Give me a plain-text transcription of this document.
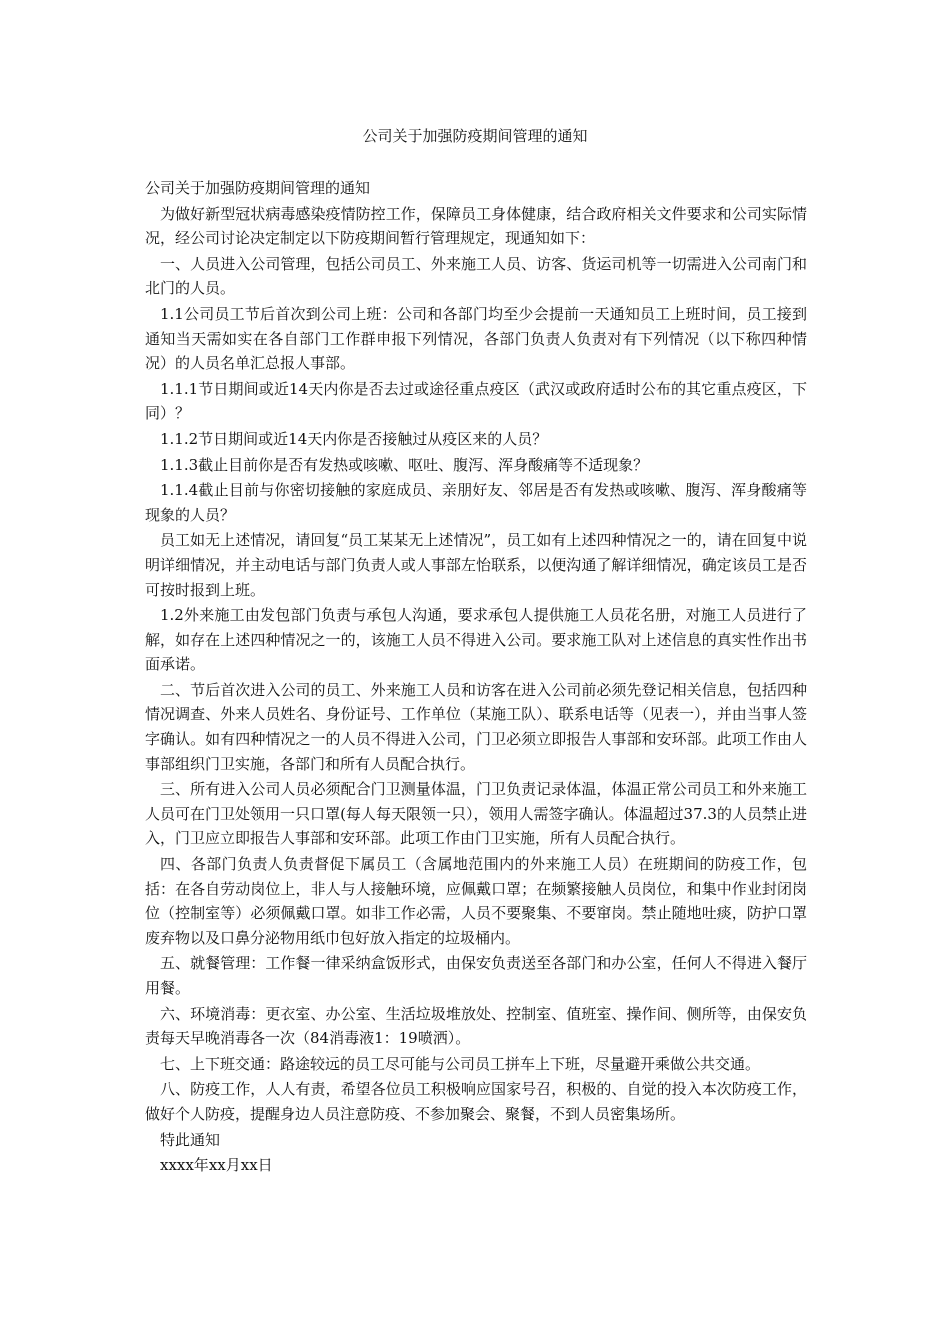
公司关于加强防疫期间管理的通知

公司关于加强防疫期间管理的通知

为做好新型冠状病毒感染疫情防控工作，保障员工身体健康，结合政府相关文件要求和公司实际情况，经公司讨论决定制定以下防疫期间暂行管理规定，现通知如下：

一、人员进入公司管理，包括公司员工、外来施工人员、访客、货运司机等一切需进入公司南门和北门的人员。

1.1公司员工节后首次到公司上班：公司和各部门均至少会提前一天通知员工上班时间，员工接到通知当天需如实在各自部门工作群申报下列情况，各部门负责人负责对有下列情况（以下称四种情况）的人员名单汇总报人事部。

1.1.1节日期间或近14天内你是否去过或途径重点疫区（武汉或政府适时公布的其它重点疫区，下同）？

1.1.2节日期间或近14天内你是否接触过从疫区来的人员？

1.1.3截止目前你是否有发热或咳嗽、呕吐、腹泻、浑身酸痛等不适现象？

1.1.4截止目前与你密切接触的家庭成员、亲朋好友、邻居是否有发热或咳嗽、腹泻、浑身酸痛等现象的人员？

员工如无上述情况，请回复“员工某某无上述情况”，员工如有上述四种情况之一的，请在回复中说明详细情况，并主动电话与部门负责人或人事部左怡联系，以便沟通了解详细情况，确定该员工是否可按时报到上班。

1.2外来施工由发包部门负责与承包人沟通，要求承包人提供施工人员花名册，对施工人员进行了解，如存在上述四种情况之一的，该施工人员不得进入公司。要求施工队对上述信息的真实性作出书面承诺。

二、节后首次进入公司的员工、外来施工人员和访客在进入公司前必须先登记相关信息，包括四种情况调查、外来人员姓名、身份证号、工作单位（某施工队）、联系电话等（见表一），并由当事人签字确认。如有四种情况之一的人员不得进入公司，门卫必须立即报告人事部和安环部。此项工作由人事部组织门卫实施，各部门和所有人员配合执行。

三、所有进入公司人员必须配合门卫测量体温，门卫负责记录体温，体温正常公司员工和外来施工人员可在门卫处领用一只口罩(每人每天限领一只），领用人需签字确认。体温超过37.3的人员禁止进入，门卫应立即报告人事部和安环部。此项工作由门卫实施，所有人员配合执行。

四、各部门负责人负责督促下属员工（含属地范围内的外来施工人员）在班期间的防疫工作，包括：在各自劳动岗位上，非人与人接触环境，应佩戴口罩；在频繁接触人员岗位，和集中作业封闭岗位（控制室等）必须佩戴口罩。如非工作必需，人员不要聚集、不要窜岗。禁止随地吐痰，防护口罩废弃物以及口鼻分泌物用纸巾包好放入指定的垃圾桶内。

五、就餐管理：工作餐一律采纳盒饭形式，由保安负责送至各部门和办公室，任何人不得进入餐厅用餐。

六、环境消毒：更衣室、办公室、生活垃圾堆放处、控制室、值班室、操作间、侧所等，由保安负责每天早晚消毒各一次（84消毒液1：19喷洒）。

七、上下班交通：路途较远的员工尽可能与公司员工拼车上下班，尽量避开乘做公共交通。

八、防疫工作，人人有责，希望各位员工积极响应国家号召，积极的、自觉的投入本次防疫工作，做好个人防疫，提醒身边人员注意防疫、不参加聚会、聚餐，不到人员密集场所。

特此通知

xxxx年xx月xx日
